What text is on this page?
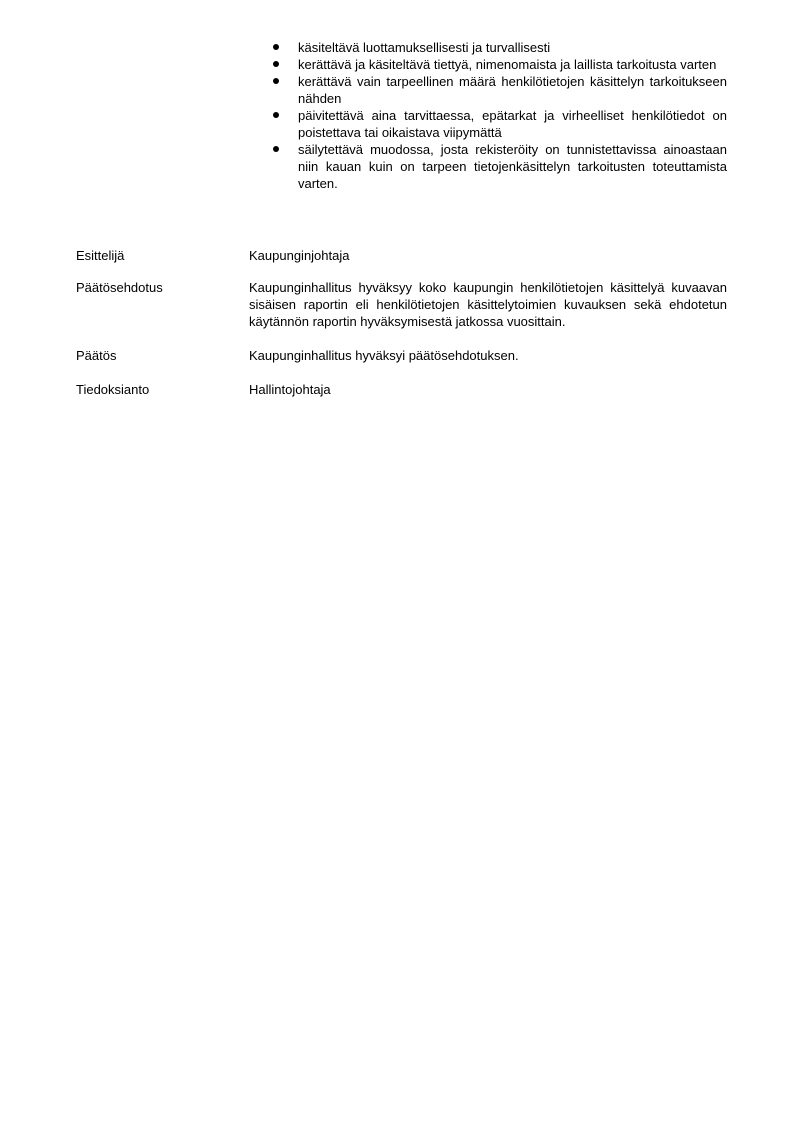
käsiteltävä luottamuksellisesti ja turvallisesti
kerättävä ja käsiteltävä tiettyä, nimenomaista ja laillista tarkoitusta varten
kerättävä vain tarpeellinen määrä henkilötietojen käsittelyn tarkoitukseen nähden
päivitettävä aina tarvittaessa, epätarkat ja virheelliset henkilötiedot on poistettava tai oikaistava viipymättä
säilytettävä muodossa, josta rekisteröity on tunnistettavissa ainoastaan niin kauan kuin on tarpeen tietojenkäsittelyn tarkoitusten toteuttamista varten.
Esittelijä	Kaupunginjohtaja
Päätösehdotus	Kaupunginhallitus hyväksyy koko kaupungin henkilötietojen käsittelyä kuvaavan sisäisen raportin eli henkilötietojen käsittelytoimien kuvauksen sekä ehdotetun käytännön raportin hyväksymisestä jatkossa vuosittain.
Päätös	Kaupunginhallitus hyväksyi päätösehdotuksen.
Tiedoksianto	Hallintojohtaja
